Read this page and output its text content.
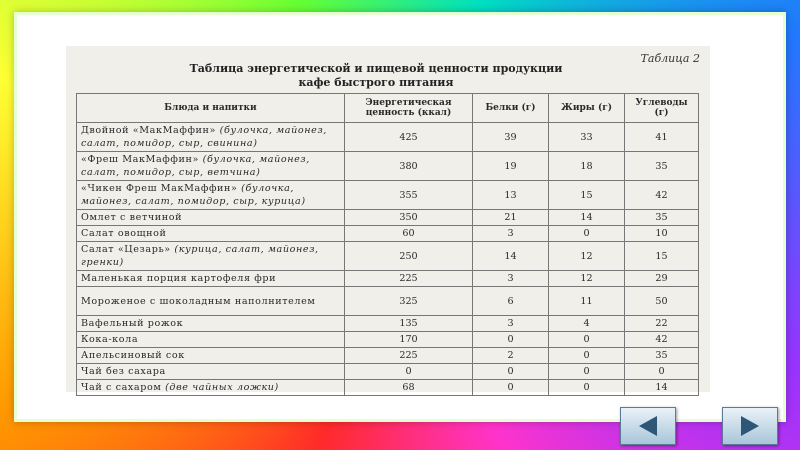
Таблица 2
Таблица энергетической и пищевой ценности продукции
кафе быстрого питания
Блюда и напитки	Энергетическая ценность (ккал)	Белки (г)	Жиры (г)	Углеводы (г)
Двойной «МакМаффин» (булочка, майонез, салат, помидор, сыр, свинина)	425	39	33	41
«Фреш МакМаффин» (булочка, майонез, салат, помидор, сыр, ветчина)	380	19	18	35
«Чикен Фреш МакМаффин» (булочка, майонез, салат, помидор, сыр, курица)	355	13	15	42
Омлет с ветчиной	350	21	14	35
Салат овощной	60	3	0	10
Салат «Цезарь» (курица, салат, майонез, гренки)	250	14	12	15
Маленькая порция картофеля фри	225	3	12	29
Мороженое с шоколадным наполнителем	325	6	11	50
Вафельный рожок	135	3	4	22
Кока-кола	170	0	0	42
Апельсиновый сок	225	2	0	35
Чай без сахара	0	0	0	0
Чай с сахаром (две чайных ложки)	68	0	0	14
